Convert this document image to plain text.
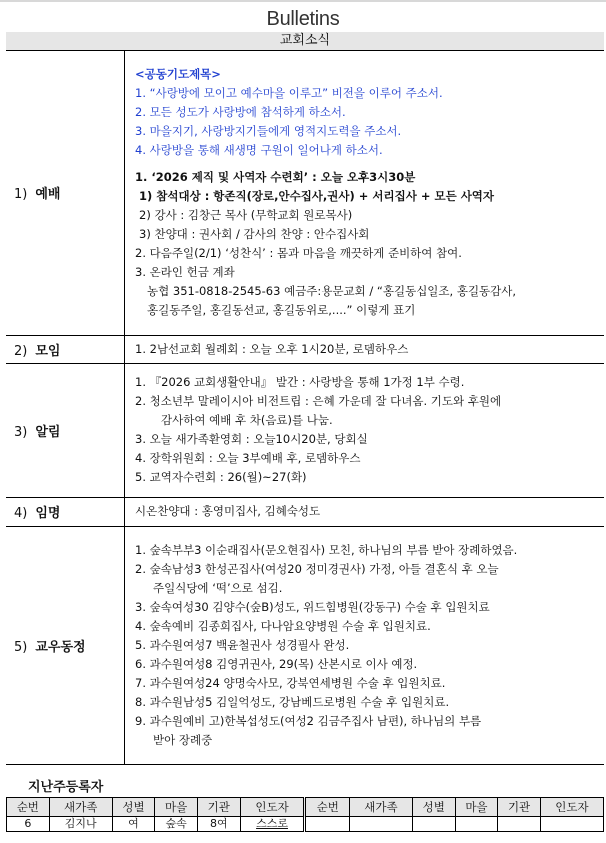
Bulletins
교회소식
1) 예배	
<공동기도제목>
1. “사랑방에 모이고 예수마을 이루고” 비전을 이루어 주소서.
2. 모든 성도가 사랑방에 참석하게 하소서.
3. 마을지기, 사랑방지기들에게 영적지도력을 주소서.
4. 사랑방을 통해 새생명 구원이 일어나게 하소서.
1. ‘2026 제직 및 사역자 수련회’ : 오늘 오후3시30분
1) 참석대상 : 항존직(장로,안수집사,권사) + 서리집사 + 모든 사역자
2) 강사 : 김창근 목사 (무학교회 원로목사)
3) 찬양대 : 권사회 / 감사의 찬양 : 안수집사회
2. 다음주일(2/1) ‘성찬식’ : 몸과 마음을 깨끗하게 준비하여 참여.
3. 온라인 헌금 계좌
농협 351-0818-2545-63 예금주:용문교회 / “홍길동십일조, 홍길동감사,
홍길동주일, 홍길동선교, 홍길동위로,....” 이렇게 표기

2) 모임	1. 2남선교회 월례회 : 오늘 오후 1시20분, 로뎀하우스

3) 알림	
1. 『2026 교회생활안내』 발간 : 사랑방을 통해 1가정 1부 수령.
2. 청소년부 말레이시아 비전트립 : 은혜 가운데 잘 다녀옴. 기도와 후원에
감사하여 예배 후 차(음료)를 나눔.
3. 오늘 새가족환영회 : 오늘10시20분, 당회실
4. 장학위원회 : 오늘 3부예배 후, 로뎀하우스
5. 교역자수련회 : 26(월)~27(화)

4) 임명	시온찬양대 : 홍영미집사, 김혜숙성도

5) 교우동정	
1. 숲속부부3 이순래집사(문오현집사) 모친, 하나님의 부름 받아 장례하였음.
2. 숲속남성3 한성곤집사(여성20 정미경권사) 가정, 아들 결혼식 후 오늘
주일식당에 ‘떡’으로 섬김.
3. 숲속여성30 김양수(숲B)성도, 위드힘병원(강동구) 수술 후 입원치료
4. 숲속예비 김종희집사, 다나암요양병원 수술 후 입원치료.
5. 과수원여성7 백윤철권사 성경필사 완성.
6. 과수원여성8 김영귀권사, 29(목) 산본시로 이사 예정.
7. 과수원여성24 양명숙사모, 강북연세병원 수술 후 입원치료.
8. 과수원남성5 김일억성도, 강남베드로병원 수술 후 입원치료.
9. 과수원예비 고)한복섭성도(여성2 김금주집사 남편), 하나님의 부름
받아 장례중
지난주등록자
순번	새가족	성별	마을	기관	인도자	순번	새가족	성별	마을	기관	인도자
6	김지나	여	숲속	8여	스스로						
